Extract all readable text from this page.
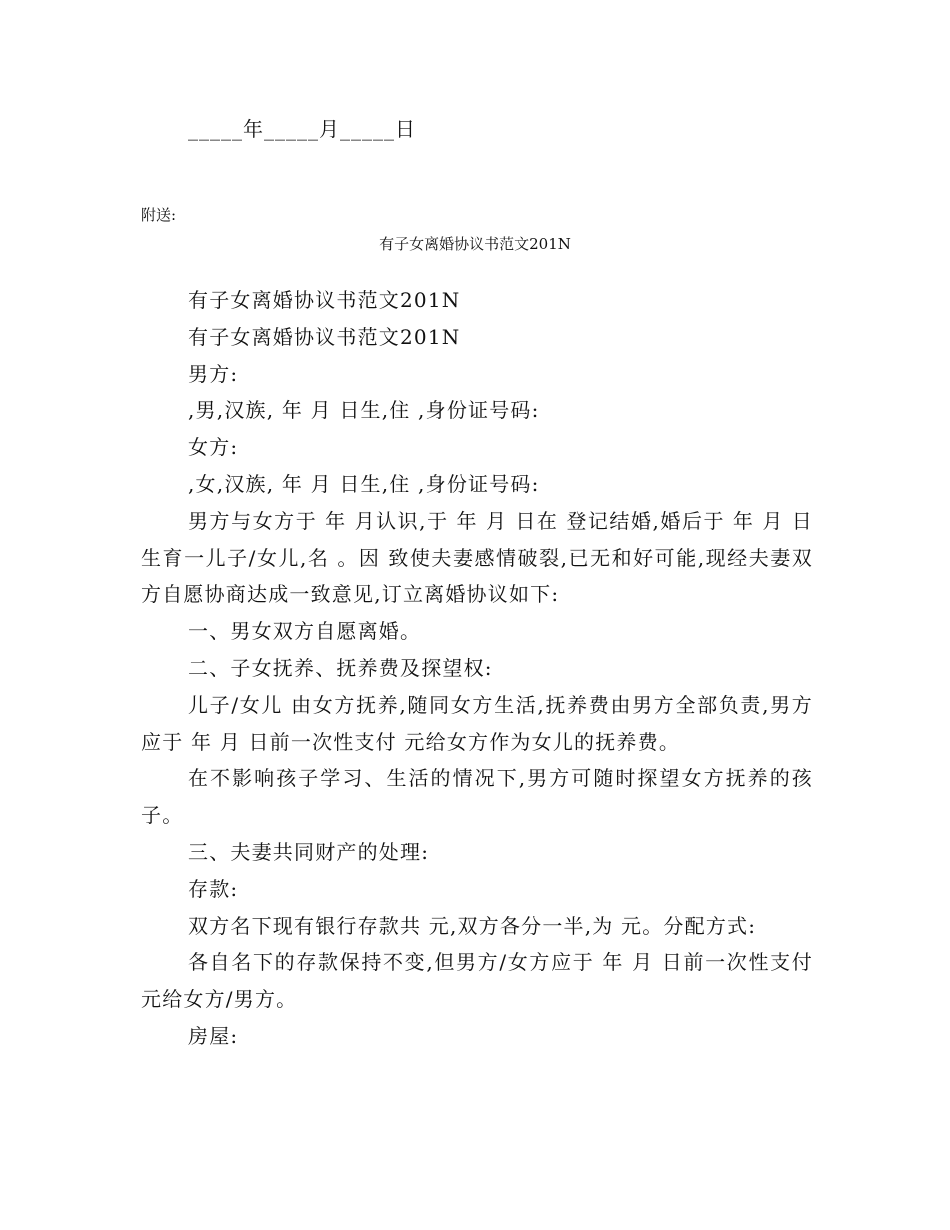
_____年_____月_____日
附送:
有子女离婚协议书范文201N

有子女离婚协议书范文201N

有子女离婚协议书范文201N

男方:

,男,汉族, 年 月 日生,住 ,身份证号码:

女方:

,女,汉族, 年 月 日生,住 ,身份证号码:

男方与女方于 年 月认识,于 年 月 日在 登记结婚,婚后于 年 月 日生育一儿子/女儿,名 。因 致使夫妻感情破裂,已无和好可能,现经夫妻双方自愿协商达成一致意见,订立离婚协议如下:

一、男女双方自愿离婚。

二、子女抚养、抚养费及探望权:

儿子/女儿 由女方抚养,随同女方生活,抚养费由男方全部负责,男方应于 年 月 日前一次性支付 元给女方作为女儿的抚养费。

在不影响孩子学习、生活的情况下,男方可随时探望女方抚养的孩子。

三、夫妻共同财产的处理:

存款:

双方名下现有银行存款共 元,双方各分一半,为 元。分配方式:

各自名下的存款保持不变,但男方/女方应于 年 月 日前一次性支付 元给女方/男方。

房屋:
